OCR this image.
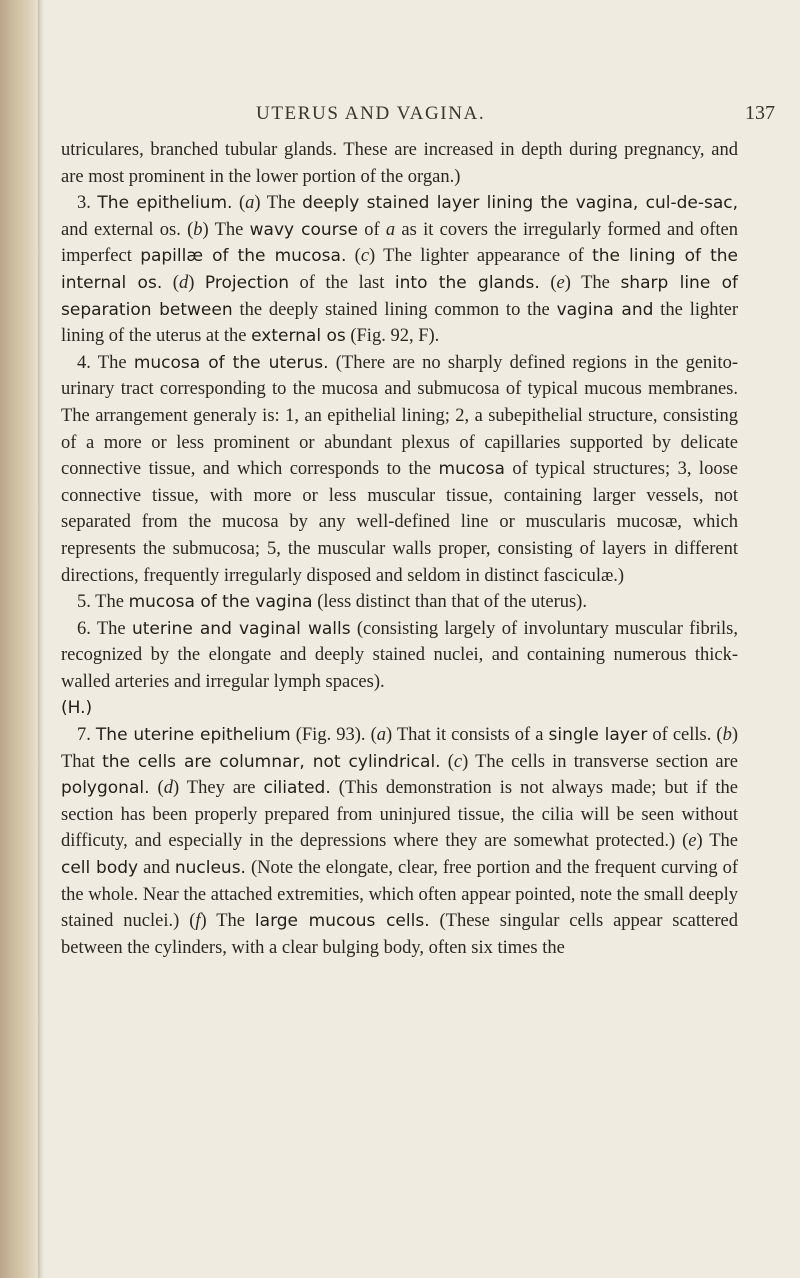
UTERUS AND VAGINA.	137

utriculares, branched tubular glands. These are increased in depth during pregnancy, and are most prominent in the lower portion of the organ.)

3. The epithelium. (a) The deeply stained layer lining the vagina, cul-de-sac, and external os. (b) The wavy course of a as it covers the irregularly formed and often imperfect papillæ of the mucosa. (c) The lighter appearance of the lining of the internal os. (d) Projection of the last into the glands. (e) The sharp line of separation between the deeply stained lining common to the vagina and the lighter lining of the uterus at the external os (Fig. 92, F).

4. The mucosa of the uterus. (There are no sharply defined regions in the genito-urinary tract corresponding to the mucosa and submucosa of typical mucous membranes. The arrangement generaly is: 1, an epithelial lining; 2, a subepithelial structure, consisting of a more or less prominent or abundant plexus of capillaries supported by delicate connective tissue, and which corresponds to the mucosa of typical structures; 3, loose connective tissue, with more or less muscular tissue, containing larger vessels, not separated from the mucosa by any well-defined line or muscularis mucosæ, which represents the submucosa; 5, the muscular walls proper, consisting of layers in different directions, frequently irregularly disposed and seldom in distinct fasciculæ.)

5. The mucosa of the vagina (less distinct than that of the uterus).

6. The uterine and vaginal walls (consisting largely of involuntary muscular fibrils, recognized by the elongate and deeply stained nuclei, and containing numerous thick-walled arteries and irregular lymph spaces).

(H.)

7. The uterine epithelium (Fig. 93). (a) That it consists of a single layer of cells. (b) That the cells are columnar, not cylindrical. (c) The cells in transverse section are polygonal. (d) They are ciliated. (This demonstration is not always made; but if the section has been properly prepared from uninjured tissue, the cilia will be seen without difficuty, and especially in the depressions where they are somewhat protected.) (e) The cell body and nucleus. (Note the elongate, clear, free portion and the frequent curving of the whole. Near the attached extremities, which often appear pointed, note the small deeply stained nuclei.) (f) The large mucous cells. (These singular cells appear scattered between the cylinders, with a clear bulging body, often six times the
